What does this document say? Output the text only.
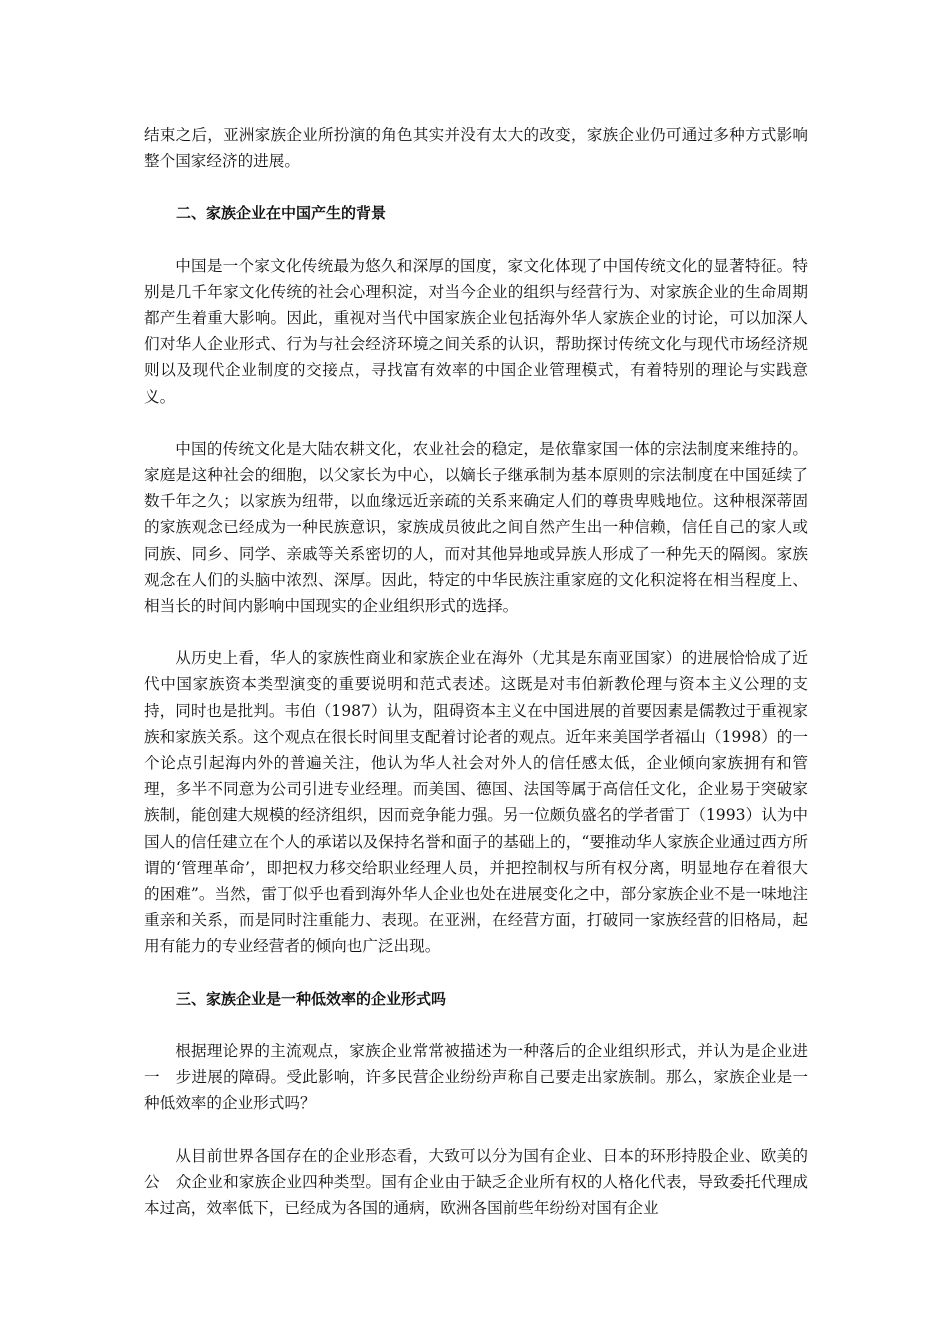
结束之后，亚洲家族企业所扮演的角色其实并没有太大的改变，家族企业仍可通过多种方式影响整个国家经济的进展。

二、家族企业在中国产生的背景

中国是一个家文化传统最为悠久和深厚的国度，家文化体现了中国传统文化的显著特征。特别是几千年家文化传统的社会心理积淀，对当今企业的组织与经营行为、对家族企业的生命周期都产生着重大影响。因此，重视对当代中国家族企业包括海外华人家族企业的讨论，可以加深人们对华人企业形式、行为与社会经济环境之间关系的认识，帮助探讨传统文化与现代市场经济规则以及现代企业制度的交接点，寻找富有效率的中国企业管理模式，有着特别的理论与实践意义。

中国的传统文化是大陆农耕文化，农业社会的稳定，是依靠家国一体的宗法制度来维持的。家庭是这种社会的细胞，以父家长为中心，以嫡长子继承制为基本原则的宗法制度在中国延续了数千年之久；以家族为纽带，以血缘远近亲疏的关系来确定人们的尊贵卑贱地位。这种根深蒂固的家族观念已经成为一种民族意识，家族成员彼此之间自然产生出一种信赖，信任自己的家人或同族、同乡、同学、亲戚等关系密切的人，而对其他异地或异族人形成了一种先天的隔阂。家族观念在人们的头脑中浓烈、深厚。因此，特定的中华民族注重家庭的文化积淀将在相当程度上、相当长的时间内影响中国现实的企业组织形式的选择。

从历史上看，华人的家族性商业和家族企业在海外（尤其是东南亚国家）的进展恰恰成了近代中国家族资本类型演变的重要说明和范式表述。这既是对韦伯新教伦理与资本主义公理的支持，同时也是批判。韦伯（1987）认为，阻碍资本主义在中国进展的首要因素是儒教过于重视家族和家族关系。这个观点在很长时间里支配着讨论者的观点。近年来美国学者福山（1998）的一个论点引起海内外的普遍关注，他认为华人社会对外人的信任感太低，企业倾向家族拥有和管理，多半不同意为公司引进专业经理。而美国、德国、法国等属于高信任文化，企业易于突破家族制，能创建大规模的经济组织，因而竞争能力强。另一位颇负盛名的学者雷丁（1993）认为中国人的信任建立在个人的承诺以及保持名誉和面子的基础上的，“要推动华人家族企业通过西方所谓的‘管理革命’，即把权力移交给职业经理人员，并把控制权与所有权分离，明显地存在着很大的困难”。当然，雷丁似乎也看到海外华人企业也处在进展变化之中，部分家族企业不是一味地注重亲和关系，而是同时注重能力、表现。在亚洲，在经营方面，打破同一家族经营的旧格局，起用有能力的专业经营者的倾向也广泛出现。

三、家族企业是一种低效率的企业形式吗

根据理论界的主流观点，家族企业常常被描述为一种落后的企业组织形式，并认为是企业进一　步进展的障碍。受此影响，许多民营企业纷纷声称自己要走出家族制。那么，家族企业是一种低效率的企业形式吗？

从目前世界各国存在的企业形态看，大致可以分为国有企业、日本的环形持股企业、欧美的公　众企业和家族企业四种类型。国有企业由于缺乏企业所有权的人格化代表，导致委托代理成本过高，效率低下，已经成为各国的通病，欧洲各国前些年纷纷对国有企业
